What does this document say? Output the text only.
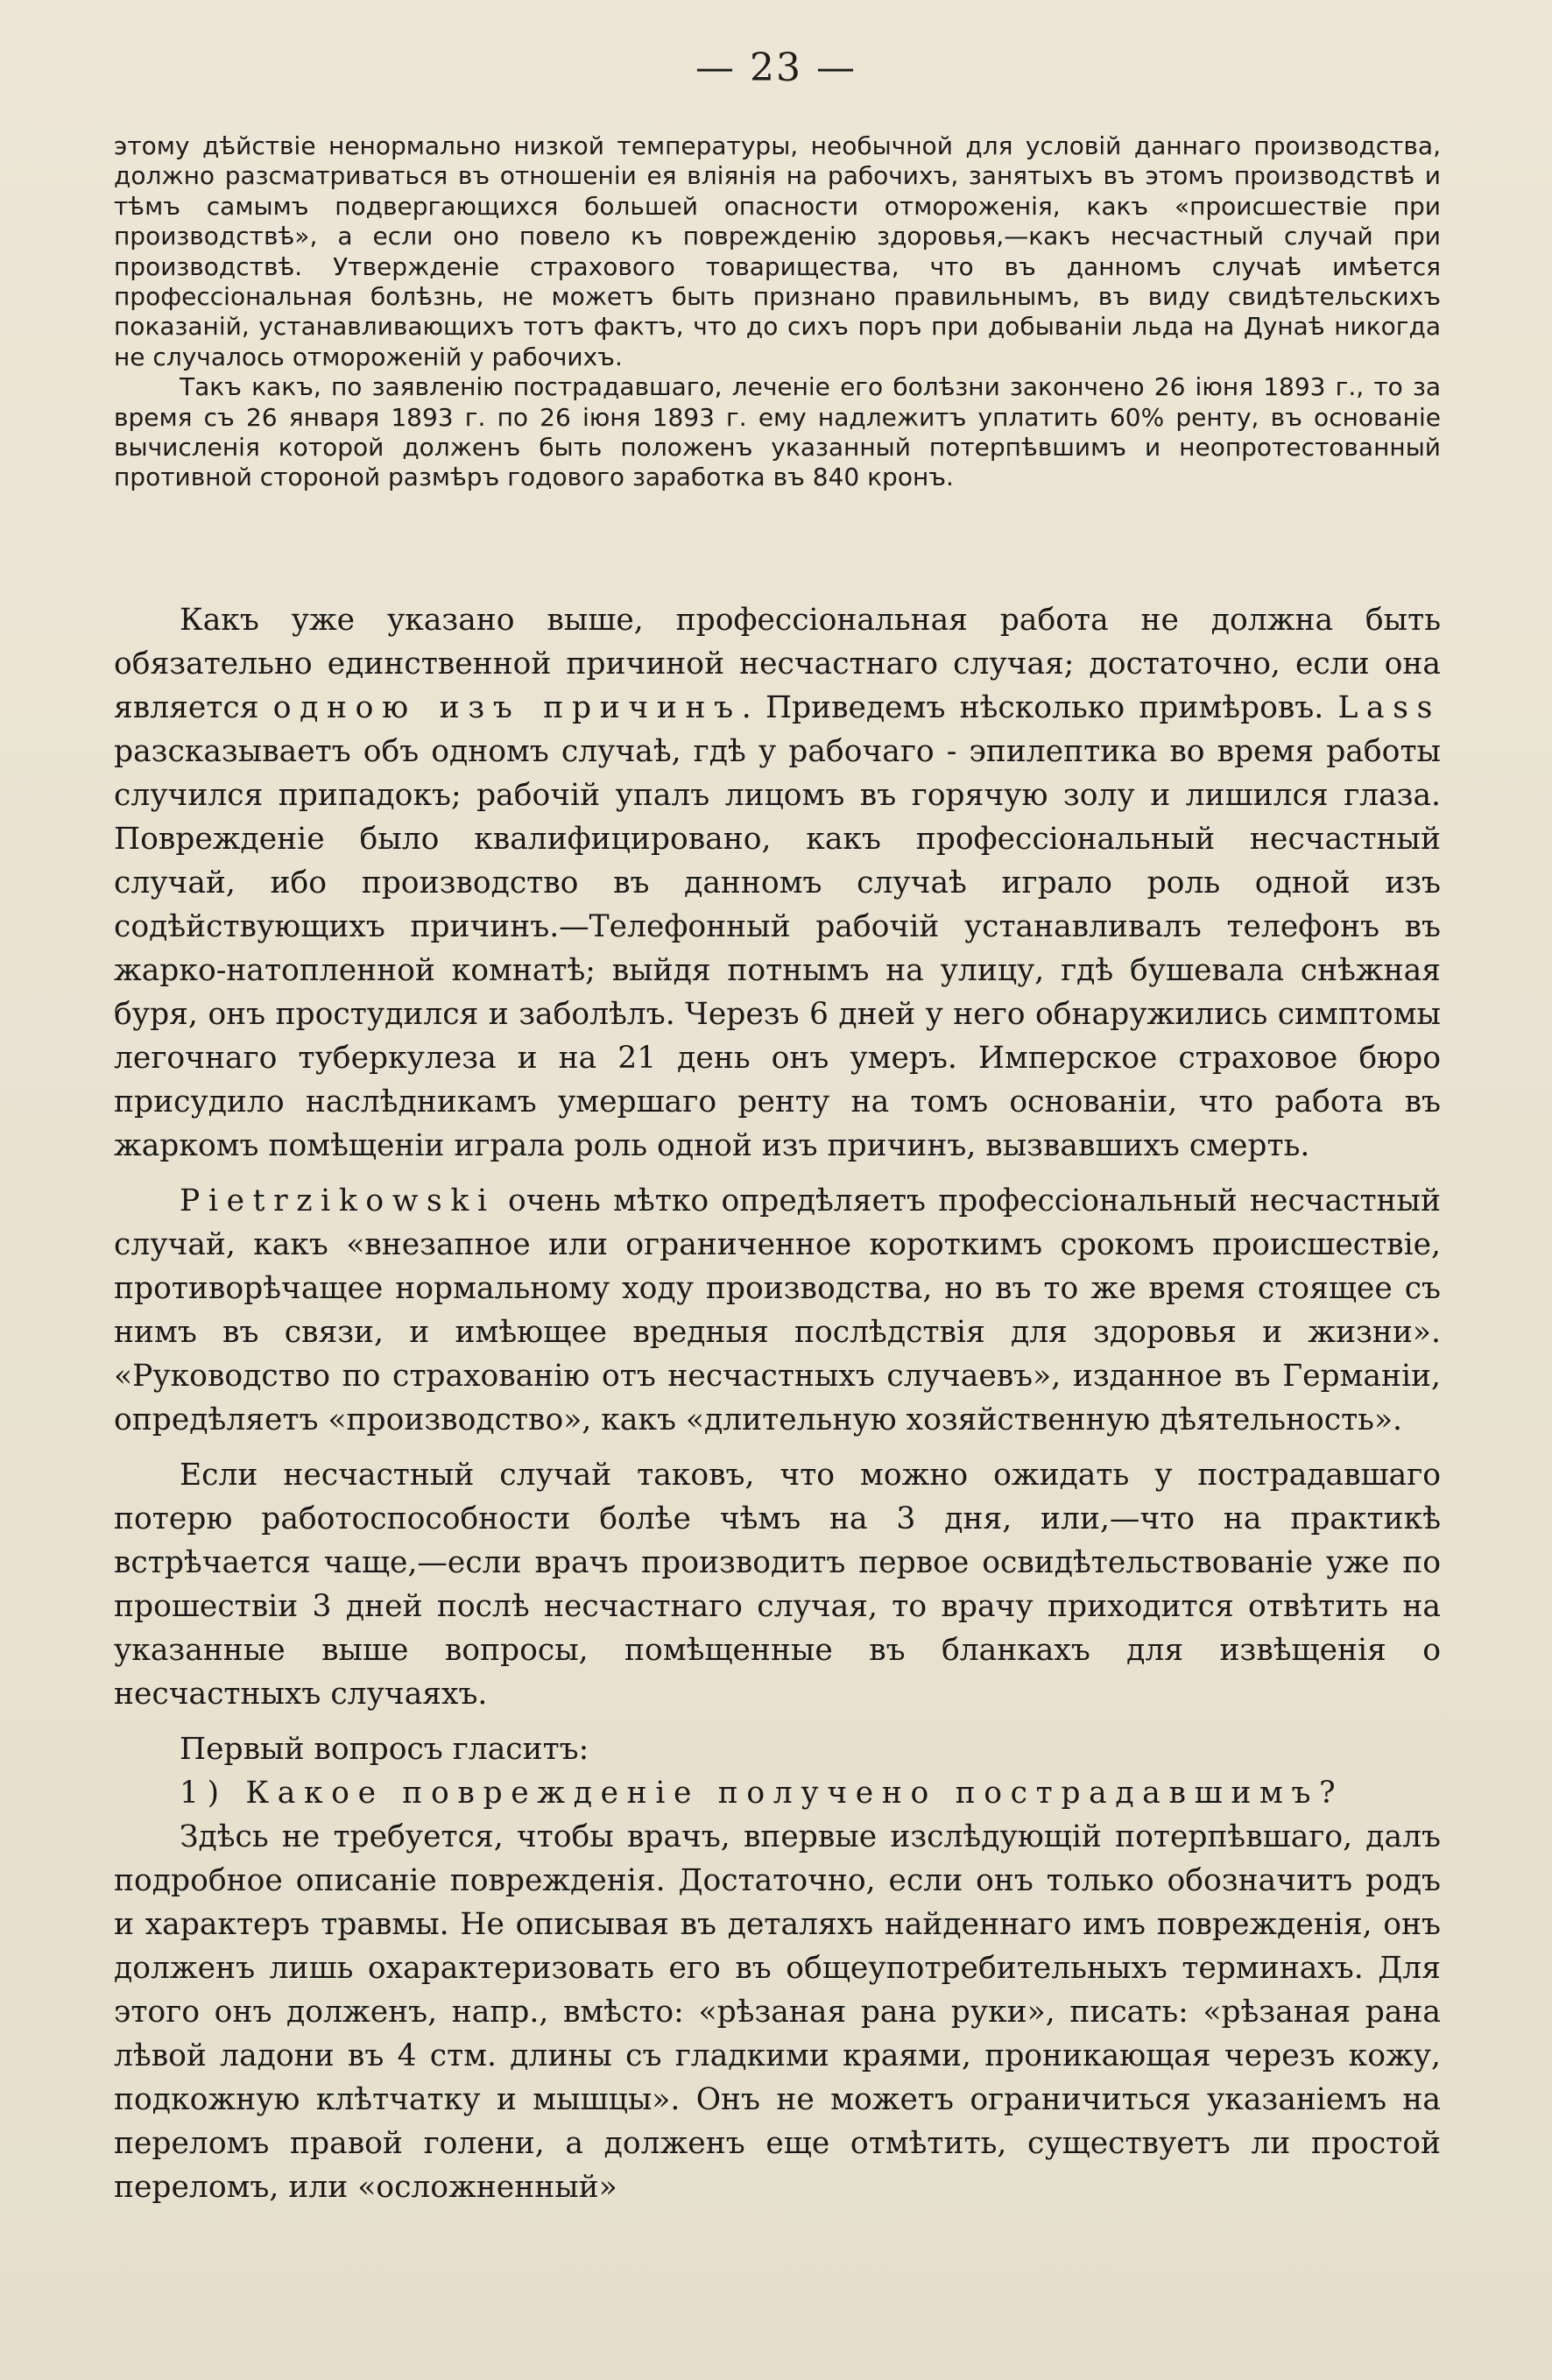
— 23 —

этому дѣйствіе ненормально низкой температуры, необычной для условій даннаго производства, должно разсматриваться въ отношеніи ея вліянія на рабочихъ, занятыхъ въ этомъ производствѣ и тѣмъ самымъ подвергающихся большей опасности отмороженія, какъ «происшествіе при производствѣ», а если оно повело къ поврежденію здоровья,—какъ несчастный случай при производствѣ. Утвержденіе страхового товарищества, что въ данномъ случаѣ имѣется профессіональная болѣзнь, не можетъ быть признано правильнымъ, въ виду свидѣтельскихъ показаній, устанавливающихъ тотъ фактъ, что до сихъ поръ при добываніи льда на Дунаѣ никогда не случалось отмороженій у рабочихъ.

Такъ какъ, по заявленію пострадавшаго, леченіе его болѣзни закончено 26 іюня 1893 г., то за время съ 26 января 1893 г. по 26 іюня 1893 г. ему надлежитъ уплатить 60% ренту, въ основаніе вычисленія которой долженъ быть положенъ указанный потерпѣвшимъ и неопротестованный противной стороной размѣръ годового заработка въ 840 кронъ.

Какъ уже указано выше, профессіональная работа не должна быть обязательно единственной причиной несчастнаго случая; достаточно, если она является одною изъ причинъ. Приведемъ нѣсколько примѣровъ. Lass разсказываетъ объ одномъ случаѣ, гдѣ у рабочаго - эпилептика во время работы случился припадокъ; рабочій упалъ лицомъ въ горячую золу и лишился глаза. Поврежденіе было квалифицировано, какъ профессіональный несчастный случай, ибо производство въ данномъ случаѣ играло роль одной изъ содѣйствующихъ причинъ.—Телефонный рабочій устанавливалъ телефонъ въ жарко-натопленной комнатѣ; выйдя потнымъ на улицу, гдѣ бушевала снѣжная буря, онъ простудился и заболѣлъ. Черезъ 6 дней у него обнаружились симптомы легочнаго туберкулеза и на 21 день онъ умеръ. Имперское страховое бюро присудило наслѣдникамъ умершаго ренту на томъ основаніи, что работа въ жаркомъ помѣщеніи играла роль одной изъ причинъ, вызвавшихъ смерть.

Pietrzikowski очень мѣтко опредѣляетъ профессіональный несчастный случай, какъ «внезапное или ограниченное короткимъ срокомъ происшествіе, противорѣчащее нормальному ходу производства, но въ то же время стоящее съ нимъ въ связи, и имѣющее вредныя послѣдствія для здоровья и жизни». «Руководство по страхованію отъ несчастныхъ случаевъ», изданное въ Германіи, опредѣляетъ «производство», какъ «длительную хозяйственную дѣятельность».

Если несчастный случай таковъ, что можно ожидать у пострадавшаго потерю работоспособности болѣе чѣмъ на 3 дня, или,—что на практикѣ встрѣчается чаще,—если врачъ производитъ первое освидѣтельствованіе уже по прошествіи 3 дней послѣ несчастнаго случая, то врачу приходится отвѣтить на указанные выше вопросы, помѣщенные въ бланкахъ для извѣщенія о несчастныхъ случаяхъ.

Первый вопросъ гласитъ:

1) Какое поврежденіе получено пострадавшимъ?

Здѣсь не требуется, чтобы врачъ, впервые изслѣдующій потерпѣвшаго, далъ подробное описаніе поврежденія. Достаточно, если онъ только обозначитъ родъ и характеръ травмы. Не описывая въ деталяхъ найденнаго имъ поврежденія, онъ долженъ лишь охарактеризовать его въ общеупотребительныхъ терминахъ. Для этого онъ долженъ, напр., вмѣсто: «рѣзаная рана руки», писать: «рѣзаная рана лѣвой ладони въ 4 стм. длины съ гладкими краями, проникающая черезъ кожу, подкожную клѣтчатку и мышцы». Онъ не можетъ ограничиться указаніемъ на переломъ правой голени, а долженъ еще отмѣтить, существуетъ ли простой переломъ, или «осложненный»
